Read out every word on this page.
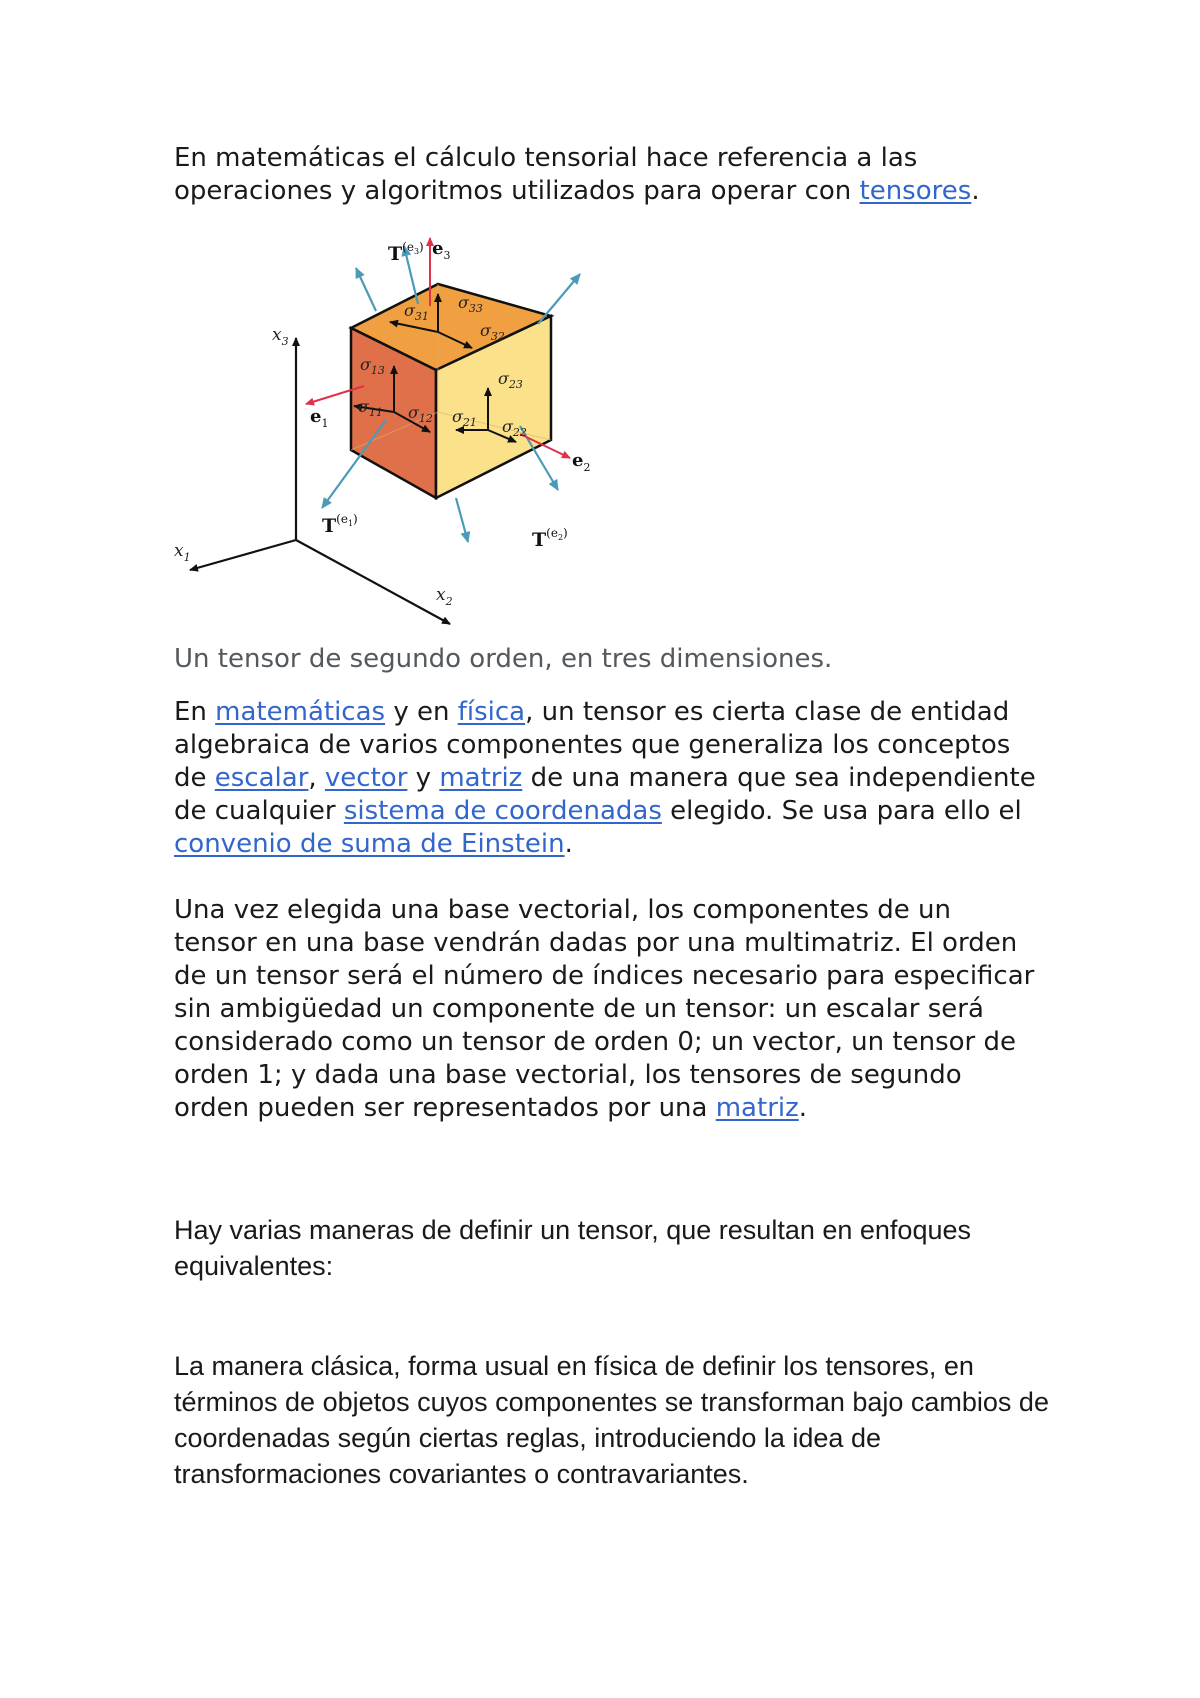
En matemáticas el cálculo tensorial hace referencia a las operaciones y algoritmos utilizados para operar con tensores.
$x_3$
$x_1$
$x_2$
$\sigma_{31}$
$\sigma_{33}$
$\sigma_{32}$
$\sigma_{13}$
$\sigma_{11}$ $\sigma_{12}$
$\sigma_{23}$
$\sigma_{21}$ $\sigma_{22}$
$e_3$
$e_1$
$e_2$
$T^{(e}3$)
$T^{(e}1$)
$T^{(e}2$)
Un tensor de segundo orden, en tres dimensiones.
En matemáticas y en física, un tensor es cierta clase de entidad algebraica de varios componentes que generaliza los conceptos de escalar, vector y matriz de una manera que sea independiente de cualquier sistema de coordenadas elegido. Se usa para ello el convenio de suma de Einstein.
Una vez elegida una base vectorial, los componentes de un tensor en una base vendrán dadas por una multimatriz. El orden de un tensor será el número de índices necesario para especificar sin ambigüedad un componente de un tensor: un escalar será considerado como un tensor de orden 0; un vector, un tensor de orden 1; y dada una base vectorial, los tensores de segundo orden pueden ser representados por una matriz.
Hay varias maneras de definir un tensor, que resultan en enfoques equivalentes:
La manera clásica, forma usual en física de definir los tensores, en términos de objetos cuyos componentes se transforman bajo cambios de coordenadas según ciertas reglas, introduciendo la idea de transformaciones covariantes o contravariantes.
